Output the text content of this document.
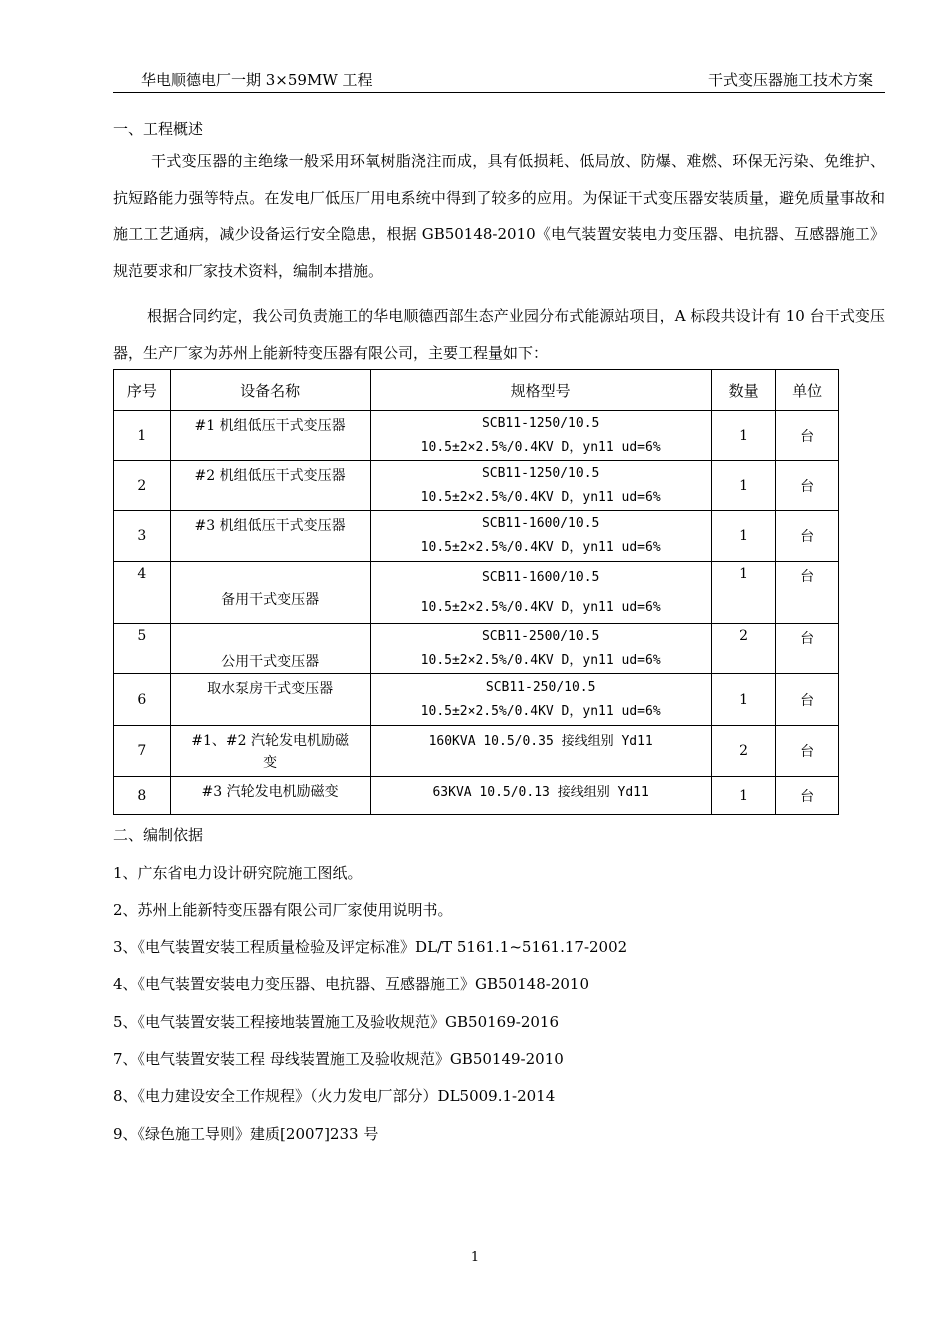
华电顺德电厂一期 3×59MW 工程	干式变压器施工技术方案
一、工程概述

干式变压器的主绝缘一般采用环氧树脂浇注而成，具有低损耗、低局放、防爆、难燃、环保无污染、免维护、抗短路能力强等特点。在发电厂低压厂用电系统中得到了较多的应用。为保证干式变压器安装质量，避免质量事故和施工工艺通病，减少设备运行安全隐患，根据 GB50148-2010《电气装置安装电力变压器、电抗器、互感器施工》规范要求和厂家技术资料，编制本措施。

根据合同约定，我公司负责施工的华电顺德西部生态产业园分布式能源站项目，A 标段共设计有 10 台干式变压器，生产厂家为苏州上能新特变压器有限公司，主要工程量如下：

序号	设备名称	规格型号	数量	单位
1	#1 机组低压干式变压器	SCB11-1250/10.5
10.5±2×2.5%/0.4KV D，yn11 ud=6%	1	台
2	#2 机组低压干式变压器	SCB11-1250/10.5
10.5±2×2.5%/0.4KV D，yn11 ud=6%	1	台
3	#3 机组低压干式变压器	SCB11-1600/10.5
10.5±2×2.5%/0.4KV D，yn11 ud=6%	1	台
4	备用干式变压器	SCB11-1600/10.5
10.5±2×2.5%/0.4KV D，yn11 ud=6%	1	台
5	公用干式变压器	SCB11-2500/10.5
10.5±2×2.5%/0.4KV D，yn11 ud=6%	2	台
6	取水泵房干式变压器	SCB11-250/10.5
10.5±2×2.5%/0.4KV D，yn11 ud=6%	1	台
7	#1、#2 汽轮发电机励磁变	160KVA 10.5/0.35 接线组别 Yd11	2	台
8	#3 汽轮发电机励磁变	63KVA 10.5/0.13 接线组别 Yd11	1	台
二、编制依据
1、广东省电力设计研究院施工图纸。
2、苏州上能新特变压器有限公司厂家使用说明书。
3、《电气装置安装工程质量检验及评定标准》DL/T 5161.1~5161.17-2002
4、《电气装置安装电力变压器、电抗器、互感器施工》GB50148-2010
5、《电气装置安装工程接地装置施工及验收规范》GB50169-2016
7、《电气装置安装工程 母线装置施工及验收规范》GB50149-2010
8、《电力建设安全工作规程》（火力发电厂部分）DL5009.1-2014
9、《绿色施工导则》建质[2007]233 号
1
